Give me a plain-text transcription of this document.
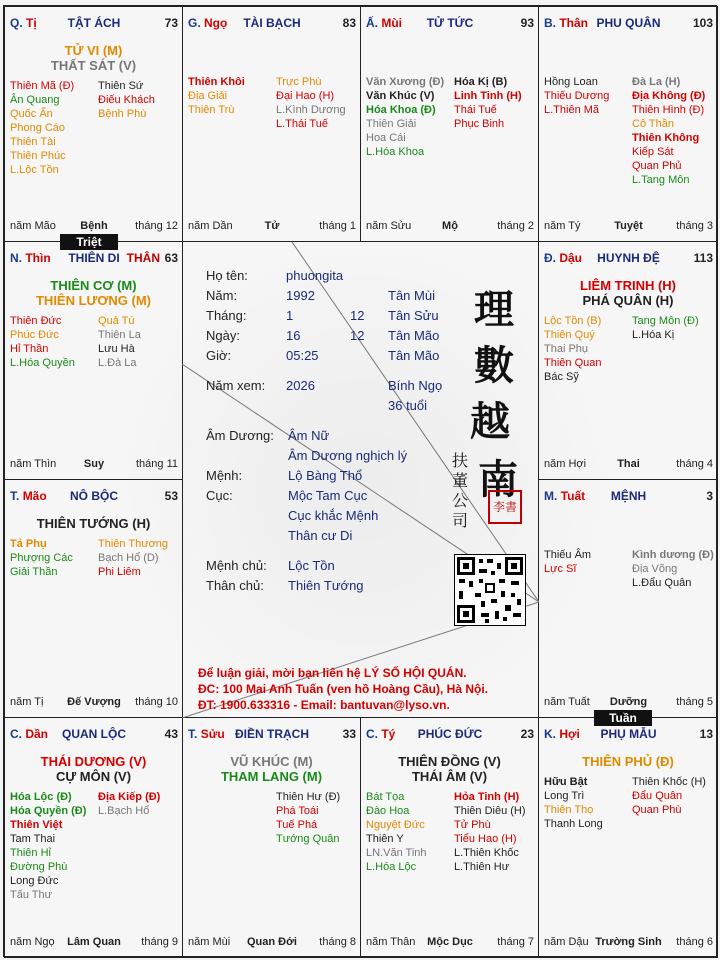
Q. Tị	TẬT ÁCH	73
TỬ VI (M)
THẤT SÁT (V)
Thiên Mã (Đ)
Ân Quang
Quốc Ấn
Phong Cáo
Thiên Tài
Thiên Phúc
L.Lộc Tồn
Thiên Sứ
Điếu Khách
Bệnh Phù
năm Mão	Bệnh	tháng 12
G. Ngọ	TÀI BẠCH	83
Thiên Khôi
Địa Giải
Thiên Trù
Trực Phù
Đại Hao (H)
L.Kình Dương
L.Thái Tuế
năm Dần	Tử	tháng 1
Ấ. Mùi	TỬ TỨC	93
Văn Xương (Đ)
Văn Khúc (V)
Hóa Khoa (Đ)
Thiên Giải
Hoa Cái
L.Hóa Khoa
Hóa Kị (B)
Linh Tinh (H)
Thái Tuế
Phục Binh
năm Sửu	Mộ	tháng 2
B. Thân PHU QUÂN	103
Hồng Loan
Thiếu Dương
L.Thiên Mã
Đà La (H)
Địa Không (Đ)
Thiên Hình (Đ)
Cô Thần
Thiên Không
Kiếp Sát
Quan Phủ
L.Tang Môn
năm Tý	Tuyệt	tháng 3
N. Thìn	THIÊN DI THÂN 63
THIÊN CƠ (M)
THIÊN LƯƠNG (M)
Thiên Đức
Phúc Đức
Hỉ Thần
L.Hóa Quyền
Quả Tú
Thiên La
Lưu Hà
L.Đà La
năm Thìn	Suy	tháng 11
Đ. Dậu	HUYNH ĐỆ	113
LIÊM TRINH (H)
PHÁ QUÂN (H)
Lộc Tồn (B)
Thiên Quý
Thai Phụ
Thiên Quan
Bác Sỹ
Tang Môn (Đ)
L.Hóa Kị
năm Hợi	Thai	tháng 4
T. Mão	NÔ BỘC	53
THIÊN TƯỚNG (H)
Tả Phụ
Phượng Các
Giải Thần
Thiên Thương
Bạch Hổ (D)
Phi Liêm
năm Tị	Đế Vượng	tháng 10
M. Tuất	MỆNH	3
Thiếu Âm
Lực Sĩ
Kình dương (Đ)
Địa Võng
L.Đẩu Quân
năm Tuất	Dưỡng	tháng 5
C. Dần	QUAN LỘC	43
THÁI DƯƠNG (V)
CỰ MÔN (V)
Hóa Lộc (Đ)
Hóa Quyền (Đ)
Thiên Việt
Tam Thai
Thiên Hỉ
Đường Phù
Long Đức
Tấu Thư
Địa Kiếp (Đ)
L.Bạch Hổ
năm Ngọ	Lâm Quan	tháng 9
T. Sửu ĐIỀN TRẠCH	33
VŨ KHÚC (M)
THAM LANG (M)
Thiên Hư (Đ)
Phá Toái
Tuế Phá
Tướng Quân
năm Mùi	Quan Đới	tháng 8
C. Tý	PHÚC ĐỨC	23
THIÊN ĐỒNG (V)
THÁI ÂM (V)
Bát Tọa
Đào Hoa
Nguyệt Đức
Thiên Y
LN.Văn Tinh
L.Hóa Lộc
Hỏa Tinh (H)
Thiên Diêu (H)
Tử Phù
Tiểu Hao (H)
L.Thiên Khốc
L.Thiên Hư
năm Thân	Mộc Dục	tháng 7
K. Hợi	PHỤ MẪU	13
THIÊN PHỦ (Đ)
Hữu Bật
Long Trì
Thiên Thọ
Thanh Long
Thiên Khốc (H)
Đẩu Quân
Quan Phù
năm Dậu Trường Sinh	tháng 6
Họ tên:	phuongita
Năm:	1992	Tân Mùi
Tháng:	1	12 Tân Sửu
Ngày:	16	12 Tân Mão
Giờ:	05:25	Tân Mão
Năm xem: 2026	Bính Ngọ
36 tuổi
Âm Dương: Âm Nữ
Âm Dương nghịch lý
Mệnh:	Lộ Bàng Thổ
Cục:	Mộc Tam Cục
Cục khắc Mệnh
Thân cư Di
Mệnh chủ: Lộc Tồn
Thân chủ: Thiên Tướng
理
數
越
南
扶
董
公
司
李書
Để luận giải, mời bạn liên hệ LÝ SỐ HỘI QUÁN.
ĐC: 100 Mai Anh Tuấn (ven hồ Hoàng Cầu), Hà Nội.
ĐT: 1900.633316 - Email: bantuvan@lyso.vn.
Triệt
Tuần
